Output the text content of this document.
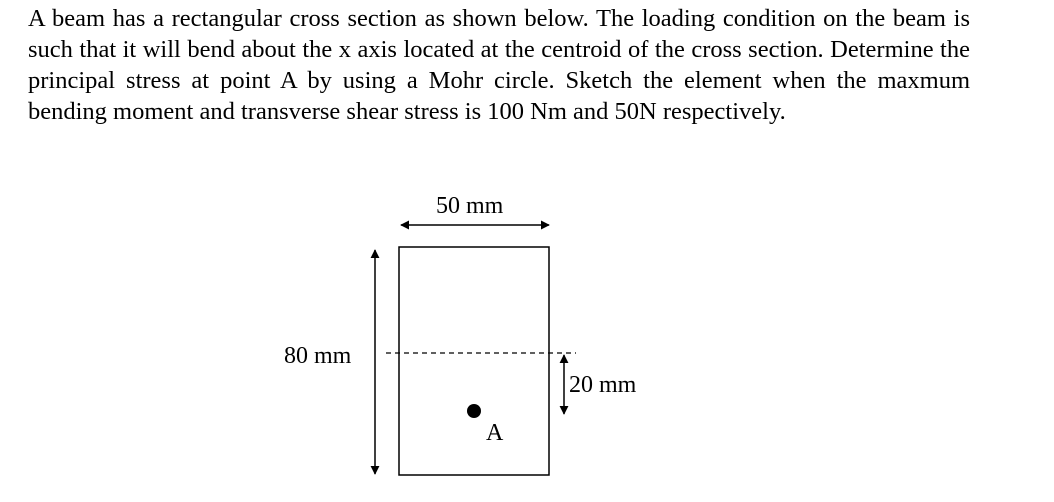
A beam has a rectangular cross section as shown below. The loading condition on the beam is such that it will bend about the x axis located at the centroid of the cross section. Determine the principal stress at point A by using a Mohr circle. Sketch the element when the maxmum bending moment and transverse shear stress is 100 Nm and 50N respectively.

50 mm
80 mm
20 mm
A
